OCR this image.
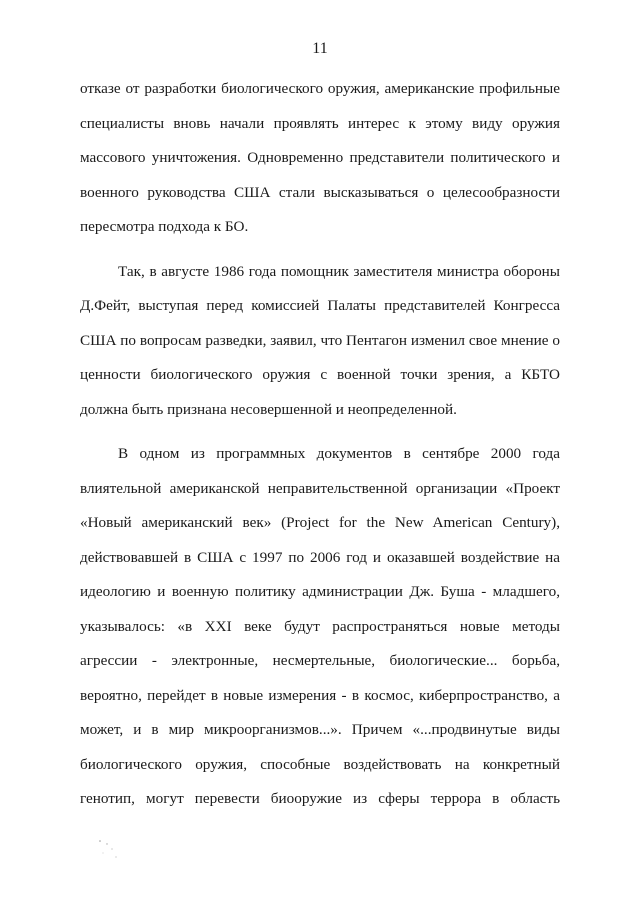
11
отказе от разработки биологического оружия, американские профильные
специалисты вновь начали проявлять интерес к этому виду оружия
массового уничтожения. Одновременно представители политического и
военного руководства США стали высказываться о целесообразности
пересмотра подхода к БО.
Так, в августе 1986 года помощник заместителя министра обороны
Д.Фейт, выступая перед комиссией Палаты представителей Конгресса
США по вопросам разведки, заявил, что Пентагон изменил свое мнение о
ценности биологического оружия с военной точки зрения, а КБТО
должна быть признана несовершенной и неопределенной.
В одном из программных документов в сентябре 2000 года
влиятельной американской неправительственной организации «Проект
«Новый американский век» (Project for the New American Century),
действовавшей в США с 1997 по 2006 год и оказавшей воздействие на
идеологию и военную политику администрации Дж. Буша - младшего,
указывалось: «в XXI веке будут распространяться новые методы
агрессии - электронные, несмертельные, биологические... борьба,
вероятно, перейдет в новые измерения - в космос, киберпространство, а
может, и в мир микроорганизмов...». Причем «...продвинутые виды
биологического оружия, способные воздействовать на конкретный
генотип, могут перевести биооружие из сферы террора в область
